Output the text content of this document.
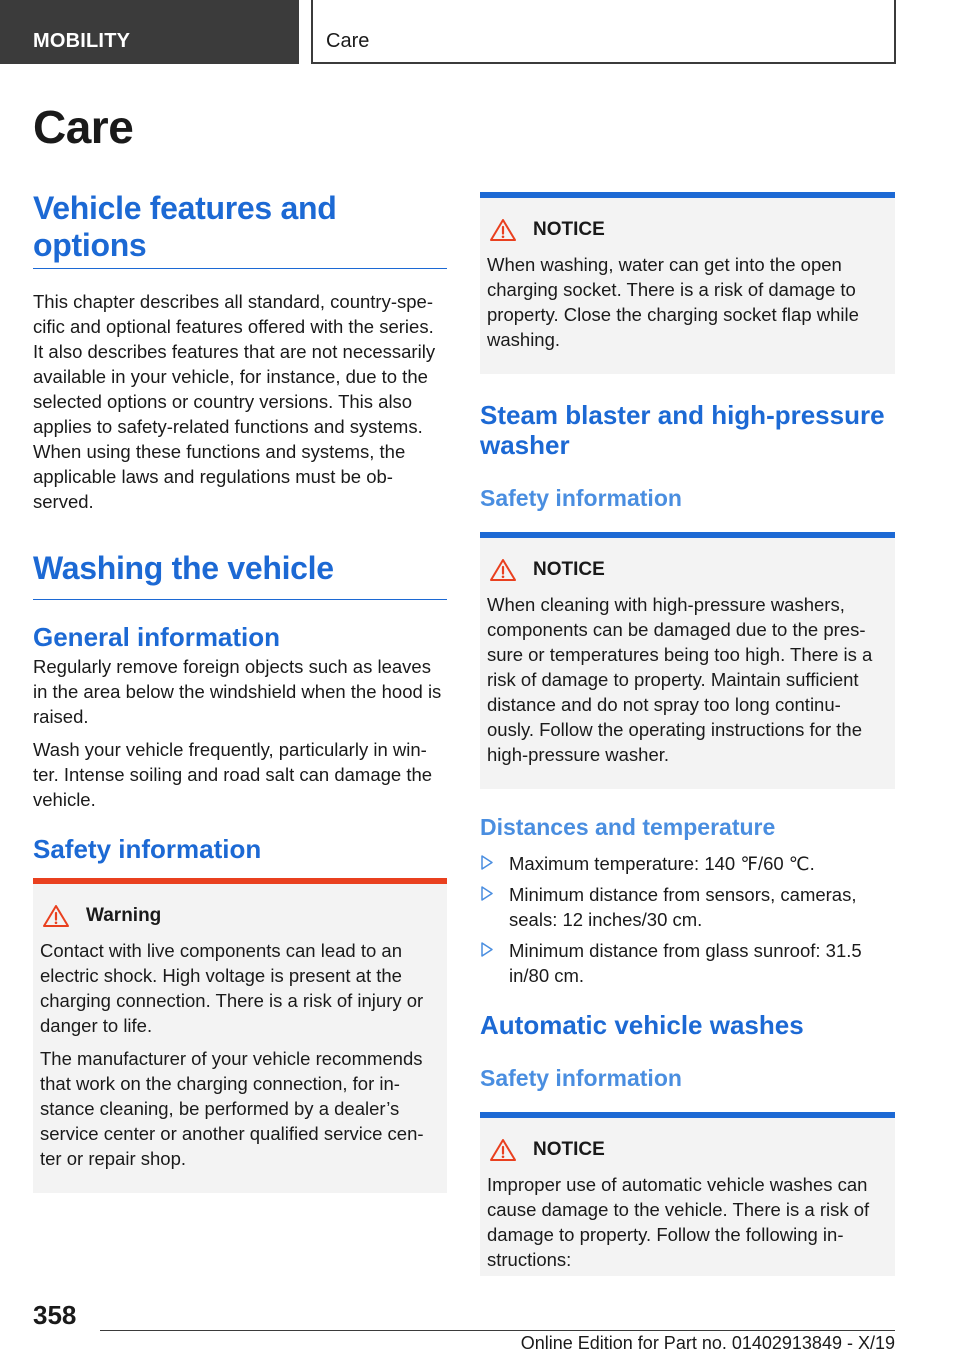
MOBILITY	Care
Care
Vehicle features and options

This chapter describes all standard, country-spe-cific and optional features offered with the series. It also describes features that are not necessarily available in your vehicle, for instance, due to the selected options or country versions. This also applies to safety-related functions and systems. When using these functions and systems, the applicable laws and regulations must be ob-served.

Washing the vehicle
General information

Regularly remove foreign objects such as leaves in the area below the windshield when the hood is raised.

Wash your vehicle frequently, particularly in win-ter. Intense soiling and road salt can damage the vehicle.

Safety information
Warning

Contact with live components can lead to an electric shock. High voltage is present at the charging connection. There is a risk of injury or danger to life.

The manufacturer of your vehicle recommends that work on the charging connection, for in-stance cleaning, be performed by a dealer’s service center or another qualified service cen-ter or repair shop.

NOTICE

When washing, water can get into the open charging socket. There is a risk of damage to property. Close the charging socket flap while washing.

Steam blaster and high-pressure washer
Safety information
NOTICE

When cleaning with high-pressure washers, components can be damaged due to the pres-sure or temperatures being too high. There is a risk of damage to property. Maintain sufficient distance and do not spray too long continu-ously. Follow the operating instructions for the high-pressure washer.

Distances and temperature
Maximum temperature: 140 ℉/60 ℃.
Minimum distance from sensors, cameras, seals: 12 inches/30 cm.
Minimum distance from glass sunroof: 31.5 in/80 cm.
Automatic vehicle washes
Safety information
NOTICE

Improper use of automatic vehicle washes can cause damage to the vehicle. There is a risk of damage to property. Follow the following in-structions:

358
Online Edition for Part no. 01402913849 - X/19
